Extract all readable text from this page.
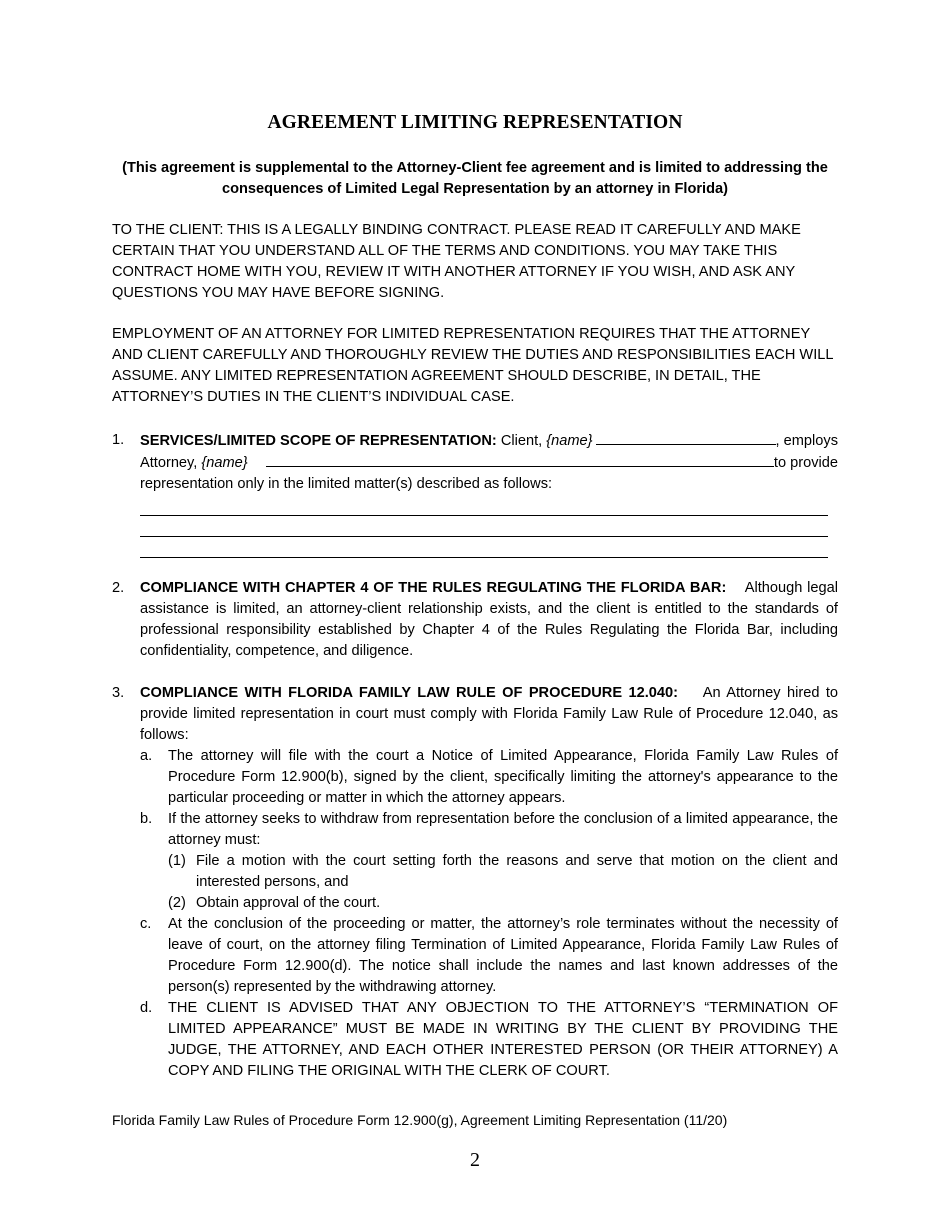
AGREEMENT LIMITING REPRESENTATION
(This agreement is supplemental to the Attorney-Client fee agreement and is limited to addressing the consequences of Limited Legal Representation by an attorney in Florida)
TO THE CLIENT: THIS IS A LEGALLY BINDING CONTRACT. PLEASE READ IT CAREFULLY AND MAKE CERTAIN THAT YOU UNDERSTAND ALL OF THE TERMS AND CONDITIONS. YOU MAY TAKE THIS CONTRACT HOME WITH YOU, REVIEW IT WITH ANOTHER ATTORNEY IF YOU WISH, AND ASK ANY QUESTIONS YOU MAY HAVE BEFORE SIGNING.
EMPLOYMENT OF AN ATTORNEY FOR LIMITED REPRESENTATION REQUIRES THAT THE ATTORNEY AND CLIENT CAREFULLY AND THOROUGHLY REVIEW THE DUTIES AND RESPONSIBILITIES EACH WILL ASSUME. ANY LIMITED REPRESENTATION AGREEMENT SHOULD DESCRIBE, IN DETAIL, THE ATTORNEY’S DUTIES IN THE CLIENT’S INDIVIDUAL CASE.
1.	SERVICES/LIMITED SCOPE OF REPRESENTATION:
Client,
{name}	, employs
Attorney,
{name}	to provide
representation only in the limited matter(s) described as follows:
2.	COMPLIANCE WITH CHAPTER 4 OF THE RULES REGULATING THE FLORIDA BAR: Although legal assistance is limited, an attorney-client relationship exists, and the client is entitled to the standards of professional responsibility established by Chapter 4 of the Rules Regulating the Florida Bar, including confidentiality, competence, and diligence.
3.	COMPLIANCE WITH FLORIDA FAMILY LAW RULE OF PROCEDURE 12.040: An Attorney hired to provide limited representation in court must comply with Florida Family Law Rule of Procedure 12.040, as follows:
a. The attorney will file with the court a Notice of Limited Appearance, Florida Family Law Rules of Procedure Form 12.900(b), signed by the client, specifically limiting the attorney's appearance to the particular proceeding or matter in which the attorney appears.
b. If the attorney seeks to withdraw from representation before the conclusion of a limited appearance, the attorney must:
(1) File a motion with the court setting forth the reasons and serve that motion on the client and interested persons, and
(2) Obtain approval of the court.
c. At the conclusion of the proceeding or matter, the attorney’s role terminates without the necessity of leave of court, on the attorney filing Termination of Limited Appearance, Florida Family Law Rules of Procedure Form 12.900(d). The notice shall include the names and last known addresses of the person(s) represented by the withdrawing attorney.
d. THE CLIENT IS ADVISED THAT ANY OBJECTION TO THE ATTORNEY’S “TERMINATION OF LIMITED APPEARANCE” MUST BE MADE IN WRITING BY THE CLIENT BY PROVIDING THE JUDGE, THE ATTORNEY, AND EACH OTHER INTERESTED PERSON (OR THEIR ATTORNEY) A COPY AND FILING THE ORIGINAL WITH THE CLERK OF COURT.
Florida Family Law Rules of Procedure Form 12.900(g), Agreement Limiting Representation (11/20)
2
